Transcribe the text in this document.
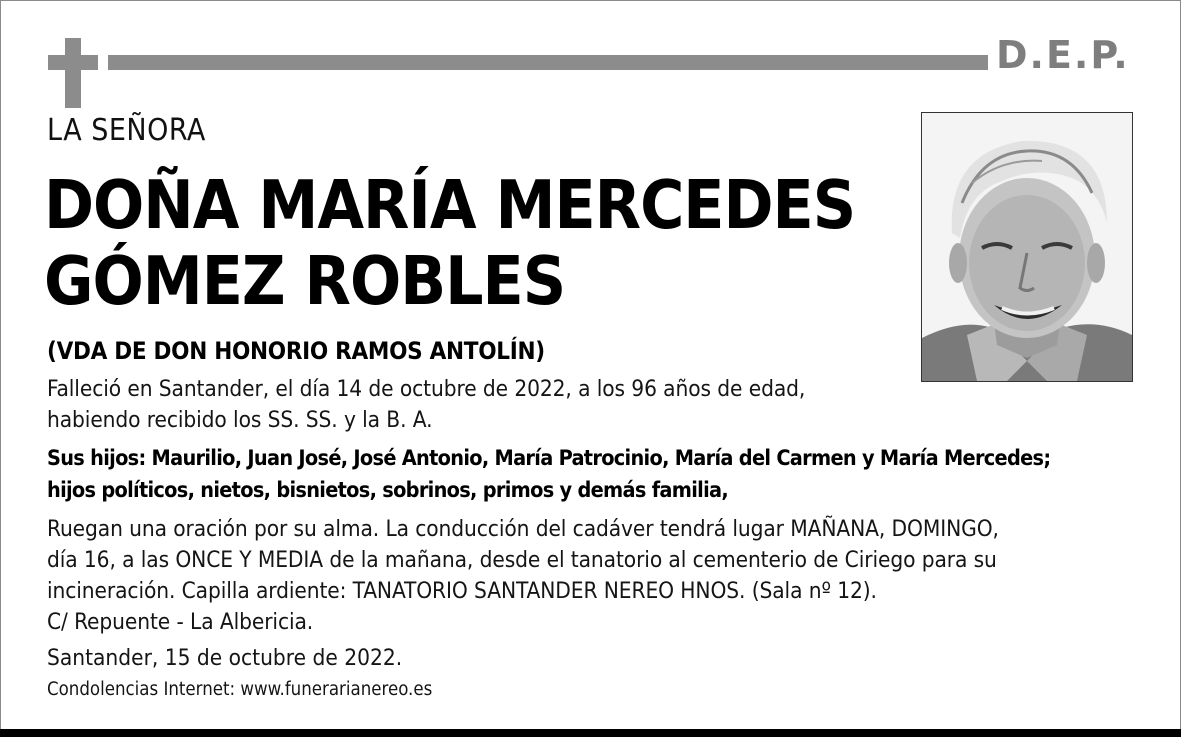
D.E.P.
LA SEÑORA
DOÑA MARÍA MERCEDES
GÓMEZ ROBLES
(VDA DE DON HONORIO RAMOS ANTOLÍN)
Falleció en Santander, el día 14 de octubre de 2022, a los 96 años de edad,
habiendo recibido los SS. SS. y la B. A.
Sus hijos: Maurilio, Juan José, José Antonio, María Patrocinio, María del Carmen y María Mercedes;
hijos políticos, nietos, bisnietos, sobrinos, primos y demás familia,
Ruegan una oración por su alma. La conducción del cadáver tendrá lugar MAÑANA, DOMINGO,
día 16, a las ONCE Y MEDIA de la mañana, desde el tanatorio al cementerio de Ciriego para su
incineración. Capilla ardiente: TANATORIO SANTANDER NEREO HNOS. (Sala nº 12).
C/ Repuente - La Albericia.
Santander, 15 de octubre de 2022.
Condolencias Internet: www.funerarianereo.es
